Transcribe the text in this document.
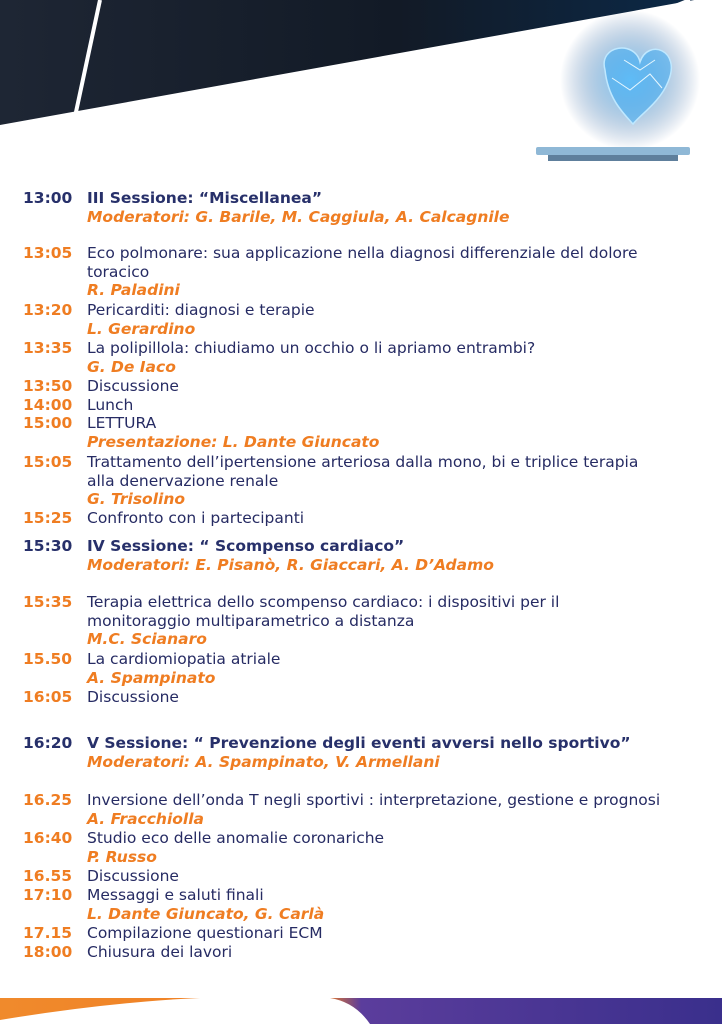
13:00 III Sessione: “Miscellanea”
Moderatori: G. Barile, M. Caggiula, A. Calcagnile
13:05 Eco polmonare: sua applicazione nella diagnosi differenziale del dolore
toracico
R. Paladini
13:20 Pericarditi: diagnosi e terapie
L. Gerardino
13:35 La polipillola: chiudiamo un occhio o li apriamo entrambi?
G. De Iaco
13:50 Discussione
14:00 Lunch
15:00 LETTURA
Presentazione: L. Dante Giuncato
15:05 Trattamento dell’ipertensione arteriosa dalla mono, bi e triplice terapia
alla denervazione renale
G. Trisolino
15:25 Confronto con i partecipanti
15:30 IV Sessione: “ Scompenso cardiaco”
Moderatori: E. Pisanò, R. Giaccari, A. D’Adamo
15:35 Terapia elettrica dello scompenso cardiaco: i dispositivi per il
monitoraggio multiparametrico a distanza
M.C. Scianaro
15.50 La cardiomiopatia atriale
A. Spampinato
16:05 Discussione
16:20 V Sessione: “ Prevenzione degli eventi avversi nello sportivo”
Moderatori: A. Spampinato, V. Armellani
16.25 Inversione dell’onda T negli sportivi : interpretazione, gestione e prognosi
A. Fracchiolla
16:40 Studio eco delle anomalie coronariche
P. Russo
16.55 Discussione
17:10 Messaggi e saluti finali
L. Dante Giuncato, G. Carlà
17.15 Compilazione questionari ECM
18:00 Chiusura dei lavori
